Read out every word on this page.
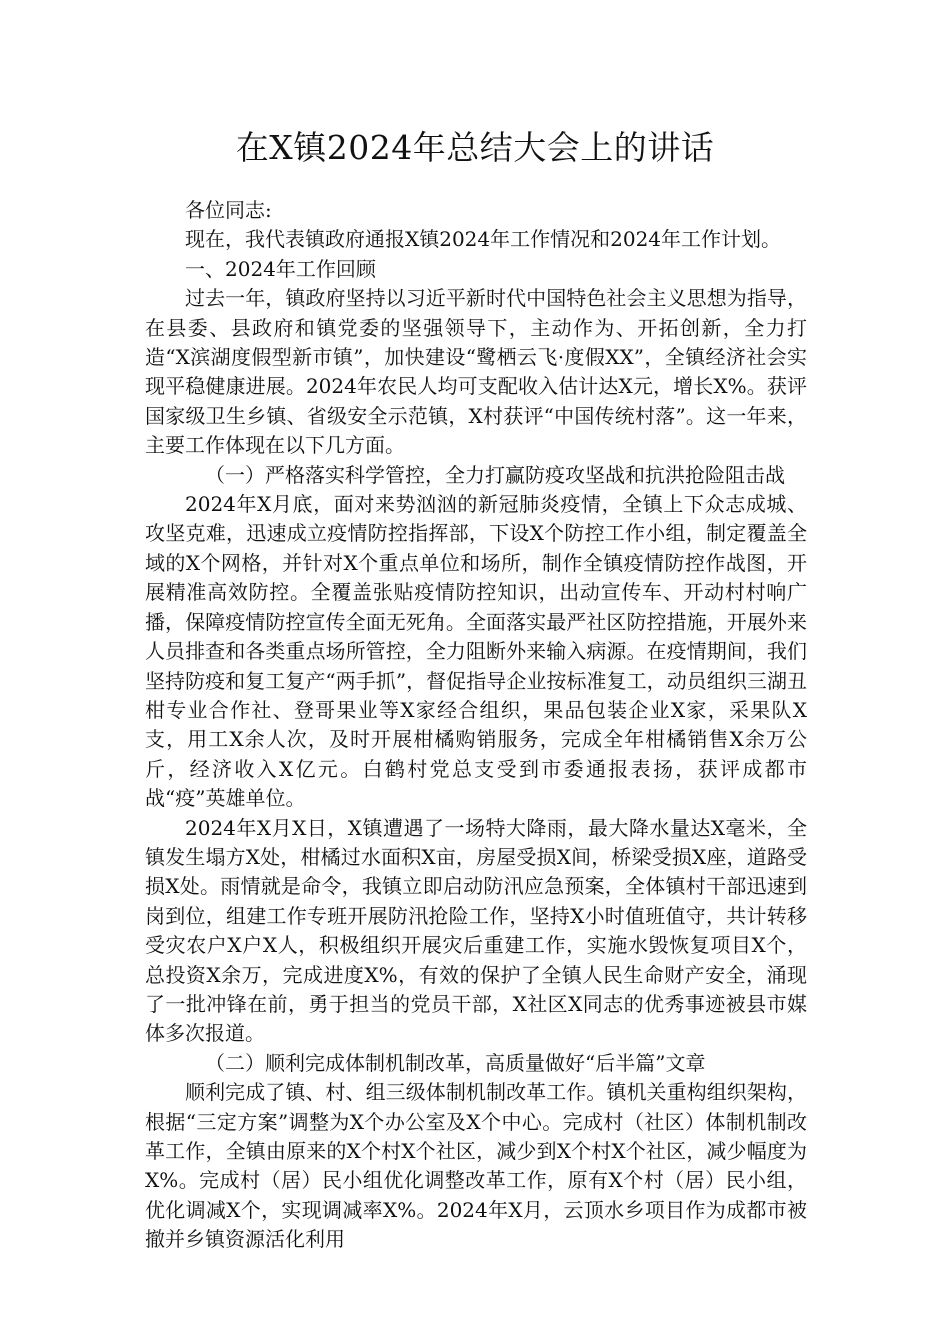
在X镇2024年总结大会上的讲话

各位同志:

现在，我代表镇政府通报X镇2024年工作情况和2024年工作计划。

一、2024年工作回顾

过去一年，镇政府坚持以习近平新时代中国特色社会主义思想为指导，在县委、县政府和镇党委的坚强领导下，主动作为、开拓创新，全力打造“X滨湖度假型新市镇”，加快建设“鹭栖云飞·度假XX”，全镇经济社会实现平稳健康进展。2024年农民人均可支配收入估计达X元，增长X%。获评国家级卫生乡镇、省级安全示范镇，X村获评“中国传统村落”。这一年来，主要工作体现在以下几方面。

（一）严格落实科学管控，全力打赢防疫攻坚战和抗洪抢险阻击战

2024年X月底，面对来势汹汹的新冠肺炎疫情，全镇上下众志成城、攻坚克难，迅速成立疫情防控指挥部，下设X个防控工作小组，制定覆盖全域的X个网格，并针对X个重点单位和场所，制作全镇疫情防控作战图，开展精准高效防控。全覆盖张贴疫情防控知识，出动宣传车、开动村村响广播，保障疫情防控宣传全面无死角。全面落实最严社区防控措施，开展外来人员排查和各类重点场所管控，全力阻断外来输入病源。在疫情期间，我们坚持防疫和复工复产“两手抓”，督促指导企业按标准复工，动员组织三湖丑柑专业合作社、登哥果业等X家经合组织，果品包装企业X家，采果队X支，用工X余人次，及时开展柑橘购销服务，完成全年柑橘销售X余万公斤，经济收入X亿元。白鹤村党总支受到市委通报表扬，获评成都市战“疫”英雄单位。

2024年X月X日，X镇遭遇了一场特大降雨，最大降水量达X毫米，全镇发生塌方X处，柑橘过水面积X亩，房屋受损X间，桥梁受损X座，道路受损X处。雨情就是命令，我镇立即启动防汛应急预案，全体镇村干部迅速到岗到位，组建工作专班开展防汛抢险工作，坚持X小时值班值守，共计转移受灾农户X户X人，积极组织开展灾后重建工作，实施水毁恢复项目X个，总投资X余万，完成进度X%，有效的保护了全镇人民生命财产安全，涌现了一批冲锋在前，勇于担当的党员干部，X社区X同志的优秀事迹被县市媒体多次报道。

（二）顺利完成体制机制改革，高质量做好“后半篇”文章

顺利完成了镇、村、组三级体制机制改革工作。镇机关重构组织架构，根据“三定方案”调整为X个办公室及X个中心。完成村（社区）体制机制改革工作，全镇由原来的X个村X个社区，减少到X个村X个社区，减少幅度为X%。完成村（居）民小组优化调整改革工作，原有X个村（居）民小组，优化调减X个，实现调减率X%。2024年X月，云顶水乡项目作为成都市被撤并乡镇资源活化利用
